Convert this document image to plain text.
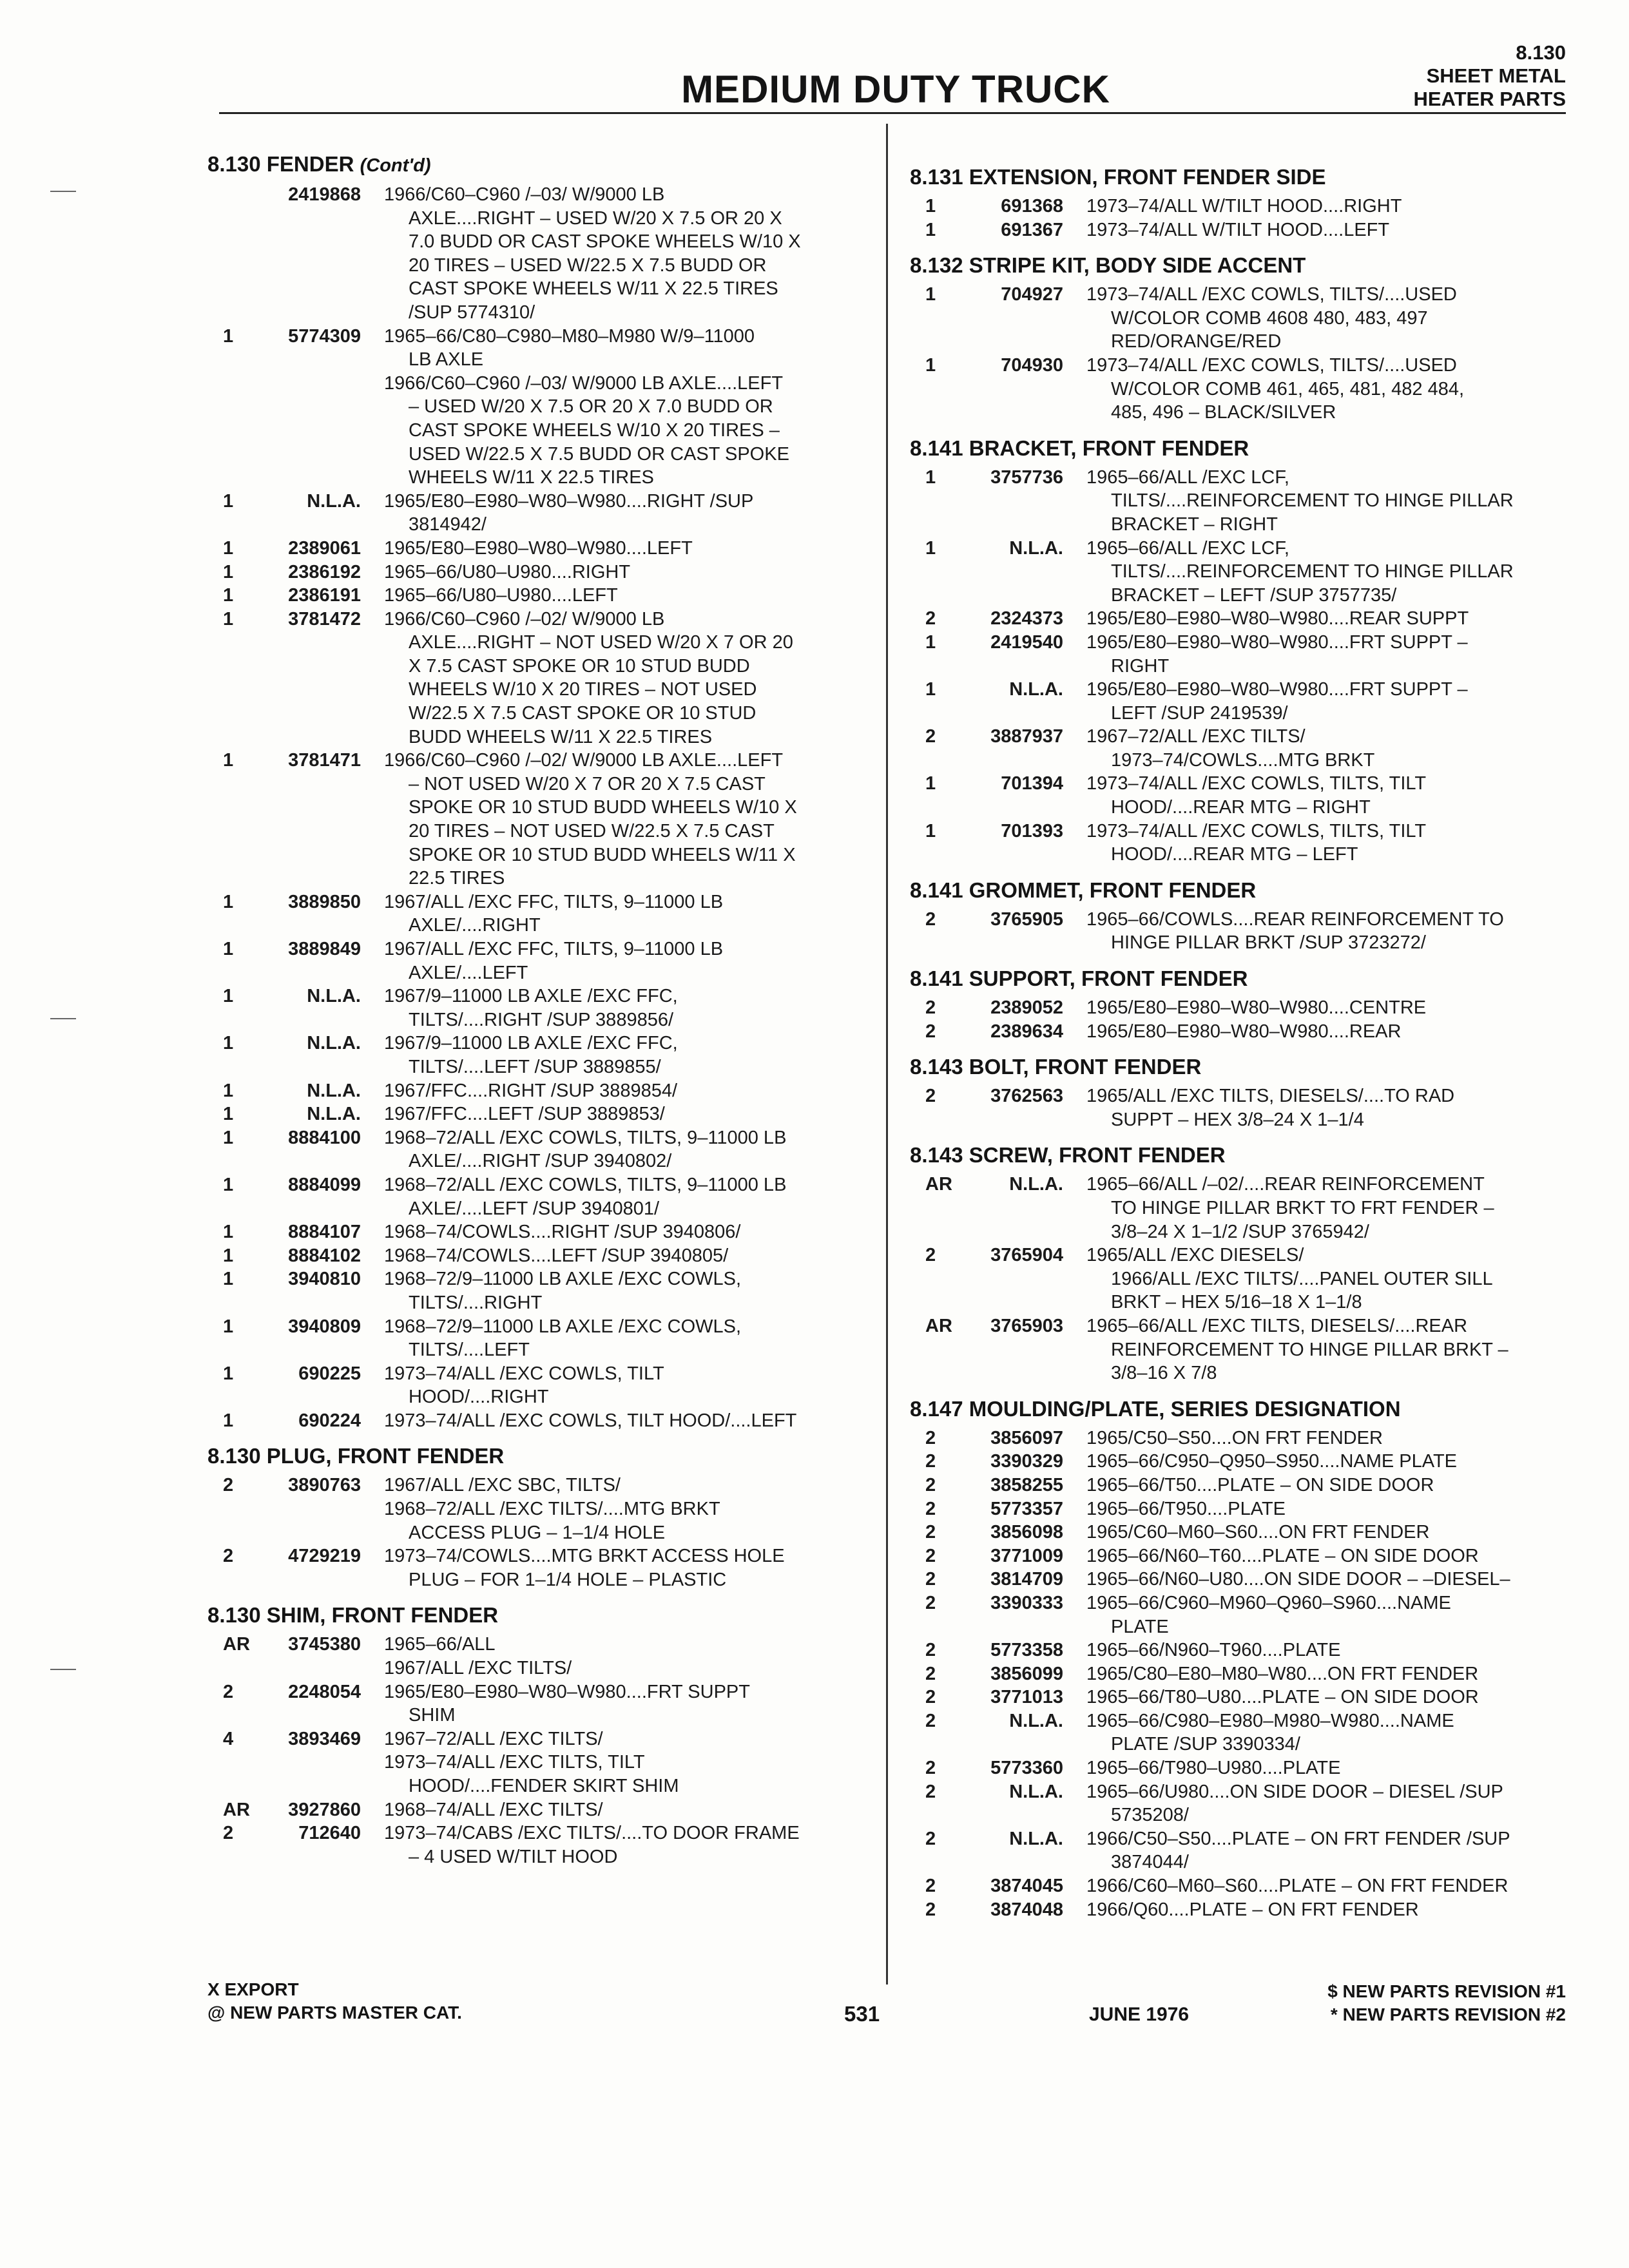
8.130
SHEET METAL
HEATER PARTS
MEDIUM DUTY TRUCK
8.130 FENDER (Cont'd)
2419868 1966/C60–C960 /–03/ W/9000 LB
AXLE....RIGHT – USED W/20 X 7.5 OR 20 X
7.0 BUDD OR CAST SPOKE WHEELS W/10 X
20 TIRES – USED W/22.5 X 7.5 BUDD OR
CAST SPOKE WHEELS W/11 X 22.5 TIRES
/SUP 5774310/
1	5774309 1965–66/C80–C980–M80–M980 W/9–11000
LB AXLE
1966/C60–C960 /–03/ W/9000 LB AXLE....LEFT
– USED W/20 X 7.5 OR 20 X 7.0 BUDD OR
CAST SPOKE WHEELS W/10 X 20 TIRES –
USED W/22.5 X 7.5 BUDD OR CAST SPOKE
WHEELS W/11 X 22.5 TIRES
1	N.L.A. 1965/E80–E980–W80–W980....RIGHT /SUP
3814942/
1	2389061 1965/E80–E980–W80–W980....LEFT
1	2386192 1965–66/U80–U980....RIGHT
1	2386191 1965–66/U80–U980....LEFT
1	3781472 1966/C60–C960 /–02/ W/9000 LB
AXLE....RIGHT – NOT USED W/20 X 7 OR 20
X 7.5 CAST SPOKE OR 10 STUD BUDD
WHEELS W/10 X 20 TIRES – NOT USED
W/22.5 X 7.5 CAST SPOKE OR 10 STUD
BUDD WHEELS W/11 X 22.5 TIRES
1	3781471 1966/C60–C960 /–02/ W/9000 LB AXLE....LEFT
– NOT USED W/20 X 7 OR 20 X 7.5 CAST
SPOKE OR 10 STUD BUDD WHEELS W/10 X
20 TIRES – NOT USED W/22.5 X 7.5 CAST
SPOKE OR 10 STUD BUDD WHEELS W/11 X
22.5 TIRES
1	3889850 1967/ALL /EXC FFC, TILTS, 9–11000 LB
AXLE/....RIGHT
1	3889849 1967/ALL /EXC FFC, TILTS, 9–11000 LB
AXLE/....LEFT
1	N.L.A. 1967/9–11000 LB AXLE /EXC FFC,
TILTS/....RIGHT /SUP 3889856/
1	N.L.A. 1967/9–11000 LB AXLE /EXC FFC,
TILTS/....LEFT /SUP 3889855/
1	N.L.A. 1967/FFC....RIGHT /SUP 3889854/
1	N.L.A. 1967/FFC....LEFT /SUP 3889853/
1	8884100 1968–72/ALL /EXC COWLS, TILTS, 9–11000 LB
AXLE/....RIGHT /SUP 3940802/
1	8884099 1968–72/ALL /EXC COWLS, TILTS, 9–11000 LB
AXLE/....LEFT /SUP 3940801/
1	8884107 1968–74/COWLS....RIGHT /SUP 3940806/
1	8884102 1968–74/COWLS....LEFT /SUP 3940805/
1	3940810 1968–72/9–11000 LB AXLE /EXC COWLS,
TILTS/....RIGHT
1	3940809 1968–72/9–11000 LB AXLE /EXC COWLS,
TILTS/....LEFT
1	690225 1973–74/ALL /EXC COWLS, TILT
HOOD/....RIGHT
1	690224 1973–74/ALL /EXC COWLS, TILT HOOD/....LEFT
8.130 PLUG, FRONT FENDER
2	3890763 1967/ALL /EXC SBC, TILTS/
1968–72/ALL /EXC TILTS/....MTG BRKT
ACCESS PLUG – 1–1/4 HOLE
2	4729219 1973–74/COWLS....MTG BRKT ACCESS HOLE
PLUG – FOR 1–1/4 HOLE – PLASTIC
8.130 SHIM, FRONT FENDER
AR	3745380 1965–66/ALL
1967/ALL /EXC TILTS/
2	2248054 1965/E80–E980–W80–W980....FRT SUPPT
SHIM
4	3893469 1967–72/ALL /EXC TILTS/
1973–74/ALL /EXC TILTS, TILT
HOOD/....FENDER SKIRT SHIM
AR	3927860 1968–74/ALL /EXC TILTS/
2	712640 1973–74/CABS /EXC TILTS/....TO DOOR FRAME
– 4 USED W/TILT HOOD
8.131 EXTENSION, FRONT FENDER SIDE
1	691368 1973–74/ALL W/TILT HOOD....RIGHT
1	691367 1973–74/ALL W/TILT HOOD....LEFT
8.132 STRIPE KIT, BODY SIDE ACCENT
1	704927 1973–74/ALL /EXC COWLS, TILTS/....USED
W/COLOR COMB 4608 480, 483, 497
RED/ORANGE/RED
1	704930 1973–74/ALL /EXC COWLS, TILTS/....USED
W/COLOR COMB 461, 465, 481, 482 484,
485, 496 – BLACK/SILVER
8.141 BRACKET, FRONT FENDER
1	3757736 1965–66/ALL /EXC LCF,
TILTS/....REINFORCEMENT TO HINGE PILLAR
BRACKET – RIGHT
1	N.L.A. 1965–66/ALL /EXC LCF,
TILTS/....REINFORCEMENT TO HINGE PILLAR
BRACKET – LEFT /SUP 3757735/
2	2324373 1965/E80–E980–W80–W980....REAR SUPPT
1	2419540 1965/E80–E980–W80–W980....FRT SUPPT –
RIGHT
1	N.L.A. 1965/E80–E980–W80–W980....FRT SUPPT –
LEFT /SUP 2419539/
2	3887937 1967–72/ALL /EXC TILTS/
1973–74/COWLS....MTG BRKT
1	701394 1973–74/ALL /EXC COWLS, TILTS, TILT
HOOD/....REAR MTG – RIGHT
1	701393 1973–74/ALL /EXC COWLS, TILTS, TILT
HOOD/....REAR MTG – LEFT
8.141 GROMMET, FRONT FENDER
2	3765905 1965–66/COWLS....REAR REINFORCEMENT TO
HINGE PILLAR BRKT /SUP 3723272/
8.141 SUPPORT, FRONT FENDER
2	2389052 1965/E80–E980–W80–W980....CENTRE
2	2389634 1965/E80–E980–W80–W980....REAR
8.143 BOLT, FRONT FENDER
2	3762563 1965/ALL /EXC TILTS, DIESELS/....TO RAD
SUPPT – HEX 3/8–24 X 1–1/4
8.143 SCREW, FRONT FENDER
AR	N.L.A. 1965–66/ALL /–02/....REAR REINFORCEMENT
TO HINGE PILLAR BRKT TO FRT FENDER –
3/8–24 X 1–1/2 /SUP 3765942/
2	3765904 1965/ALL /EXC DIESELS/
1966/ALL /EXC TILTS/....PANEL OUTER SILL
BRKT – HEX 5/16–18 X 1–1/8
AR	3765903 1965–66/ALL /EXC TILTS, DIESELS/....REAR
REINFORCEMENT TO HINGE PILLAR BRKT –
3/8–16 X 7/8
8.147 MOULDING/PLATE, SERIES DESIGNATION
2	3856097 1965/C50–S50....ON FRT FENDER
2	3390329 1965–66/C950–Q950–S950....NAME PLATE
2	3858255 1965–66/T50....PLATE – ON SIDE DOOR
2	5773357 1965–66/T950....PLATE
2	3856098 1965/C60–M60–S60....ON FRT FENDER
2	3771009 1965–66/N60–T60....PLATE – ON SIDE DOOR
2	3814709 1965–66/N60–U80....ON SIDE DOOR – –DIESEL–
2	3390333 1965–66/C960–M960–Q960–S960....NAME
PLATE
2	5773358 1965–66/N960–T960....PLATE
2	3856099 1965/C80–E80–M80–W80....ON FRT FENDER
2	3771013 1965–66/T80–U80....PLATE – ON SIDE DOOR
2	N.L.A. 1965–66/C980–E980–M980–W980....NAME
PLATE /SUP 3390334/
2	5773360 1965–66/T980–U980....PLATE
2	N.L.A. 1965–66/U980....ON SIDE DOOR – DIESEL /SUP
5735208/
2	N.L.A. 1966/C50–S50....PLATE – ON FRT FENDER /SUP
3874044/
2	3874045 1966/C60–M60–S60....PLATE – ON FRT FENDER
2	3874048 1966/Q60....PLATE – ON FRT FENDER
X EXPORT
@ NEW PARTS MASTER CAT.	531	JUNE 1976
$ NEW PARTS REVISION #1
* NEW PARTS REVISION #2
